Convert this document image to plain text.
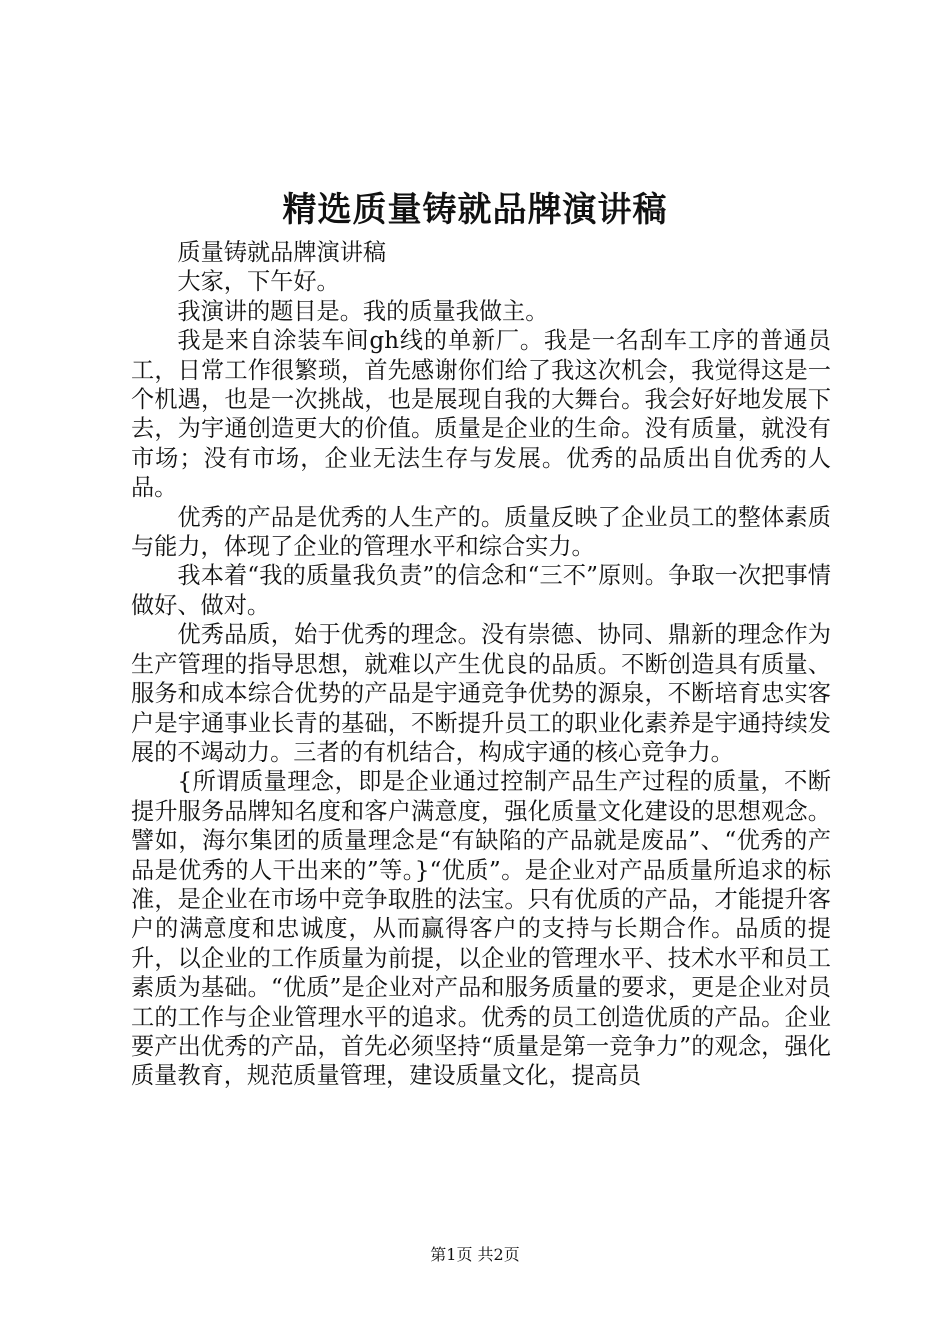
精选质量铸就品牌演讲稿

质量铸就品牌演讲稿

大家，下午好。

我演讲的题目是。我的质量我做主。

我是来自涂装车间gh线的单新厂。我是一名刮车工序的普通员工，日常工作很繁琐，首先感谢你们给了我这次机会，我觉得这是一个机遇，也是一次挑战，也是展现自我的大舞台。我会好好地发展下去，为宇通创造更大的价值。质量是企业的生命。没有质量，就没有市场；没有市场，企业无法生存与发展。优秀的品质出自优秀的人品。

优秀的产品是优秀的人生产的。质量反映了企业员工的整体素质与能力，体现了企业的管理水平和综合实力。

我本着“我的质量我负责”的信念和“三不”原则。争取一次把事情做好、做对。

优秀品质，始于优秀的理念。没有崇德、协同、鼎新的理念作为生产管理的指导思想，就难以产生优良的品质。不断创造具有质量、服务和成本综合优势的产品是宇通竞争优势的源泉，不断培育忠实客户是宇通事业长青的基础，不断提升员工的职业化素养是宇通持续发展的不竭动力。三者的有机结合，构成宇通的核心竞争力。

{所谓质量理念，即是企业通过控制产品生产过程的质量，不断提升服务品牌知名度和客户满意度，强化质量文化建设的思想观念。譬如，海尔集团的质量理念是“有缺陷的产品就是废品”、“优秀的产品是优秀的人干出来的”等。}“优质”。是企业对产品质量所追求的标准，是企业在市场中竞争取胜的法宝。只有优质的产品，才能提升客户的满意度和忠诚度，从而赢得客户的支持与长期合作。品质的提升，以企业的工作质量为前提，以企业的管理水平、技术水平和员工素质为基础。“优质”是企业对产品和服务质量的要求，更是企业对员工的工作与企业管理水平的追求。优秀的员工创造优质的产品。企业要产出优秀的产品，首先必须坚持“质量是第一竞争力”的观念，强化质量教育，规范质量管理，建设质量文化，提高员

第1页 共2页
